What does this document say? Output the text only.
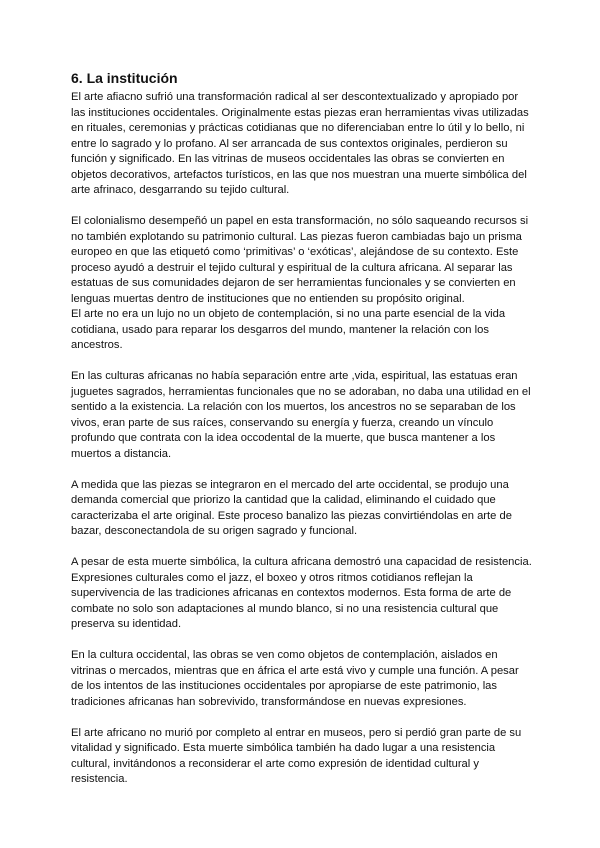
6. La institución

El arte afiacno sufrió una transformación radical al ser descontextualizado y apropiado por las instituciones occidentales. Originalmente estas piezas eran herramientas vivas utilizadas en rituales, ceremonias y prácticas cotidianas que no diferenciaban entre lo útil y lo bello, ni entre lo sagrado y lo profano. Al ser arrancada de sus contextos originales, perdieron su función y significado. En las vitrinas de museos occidentales las obras se convierten en objetos decorativos, artefactos turísticos, en las que nos muestran una muerte simbólica del arte afrinaco, desgarrando su tejido cultural.

El colonialismo desempeñó un papel en esta transformación, no sólo saqueando recursos si no también explotando su patrimonio cultural. Las piezas fueron cambiadas bajo un prisma europeo en que las etiquetó como ‘primitivas’ o ‘exóticas’, alejándose de su contexto. Este proceso ayudó a destruir el tejido cultural y espiritual de la cultura africana. Al separar las estatuas de sus comunidades dejaron de ser herramientas funcionales y se convierten en lenguas muertas dentro de instituciones que no entienden su propósito original.

El arte no era un lujo no un objeto de contemplación, si no una parte esencial de la vida cotidiana, usado para reparar los desgarros del mundo, mantener la relación con los ancestros.

En las culturas africanas no había separación entre arte ,vida, espiritual, las estatuas eran juguetes sagrados, herramientas funcionales que no se adoraban, no daba una utilidad en el sentido a la existencia. La relación con los muertos, los ancestros no se separaban de los vivos, eran parte de sus raíces, conservando su energía y fuerza, creando un vínculo profundo que contrata con la idea occodental de la muerte, que busca mantener a los muertos a distancia.

A medida que las piezas se integraron en el mercado del arte occidental, se produjo una demanda comercial que priorizo la cantidad que la calidad, eliminando el cuidado que caracterizaba el arte original. Este proceso banalizo las piezas convirtiéndolas en arte de bazar, desconectandola de su origen sagrado y funcional.

A pesar de esta muerte simbólica, la cultura africana demostró una capacidad de resistencia. Expresiones culturales como el jazz, el boxeo y otros ritmos cotidianos reflejan la supervivencia de las tradiciones africanas en contextos modernos. Esta forma de arte de combate no solo son adaptaciones al mundo blanco, si no una resistencia cultural que preserva su identidad.

En la cultura occidental, las obras se ven como objetos de contemplación, aislados en vitrinas o mercados, mientras que en áfrica el arte está vivo y cumple una función. A pesar de los intentos de las instituciones occidentales por apropiarse de este patrimonio, las tradiciones africanas han sobrevivido, transformándose en nuevas expresiones.

El arte africano no murió por completo al entrar en museos, pero si perdió gran parte de su vitalidad y significado. Esta muerte simbólica también ha dado lugar a una resistencia cultural, invitándonos a reconsiderar el arte como expresión de identidad cultural y resistencia.
